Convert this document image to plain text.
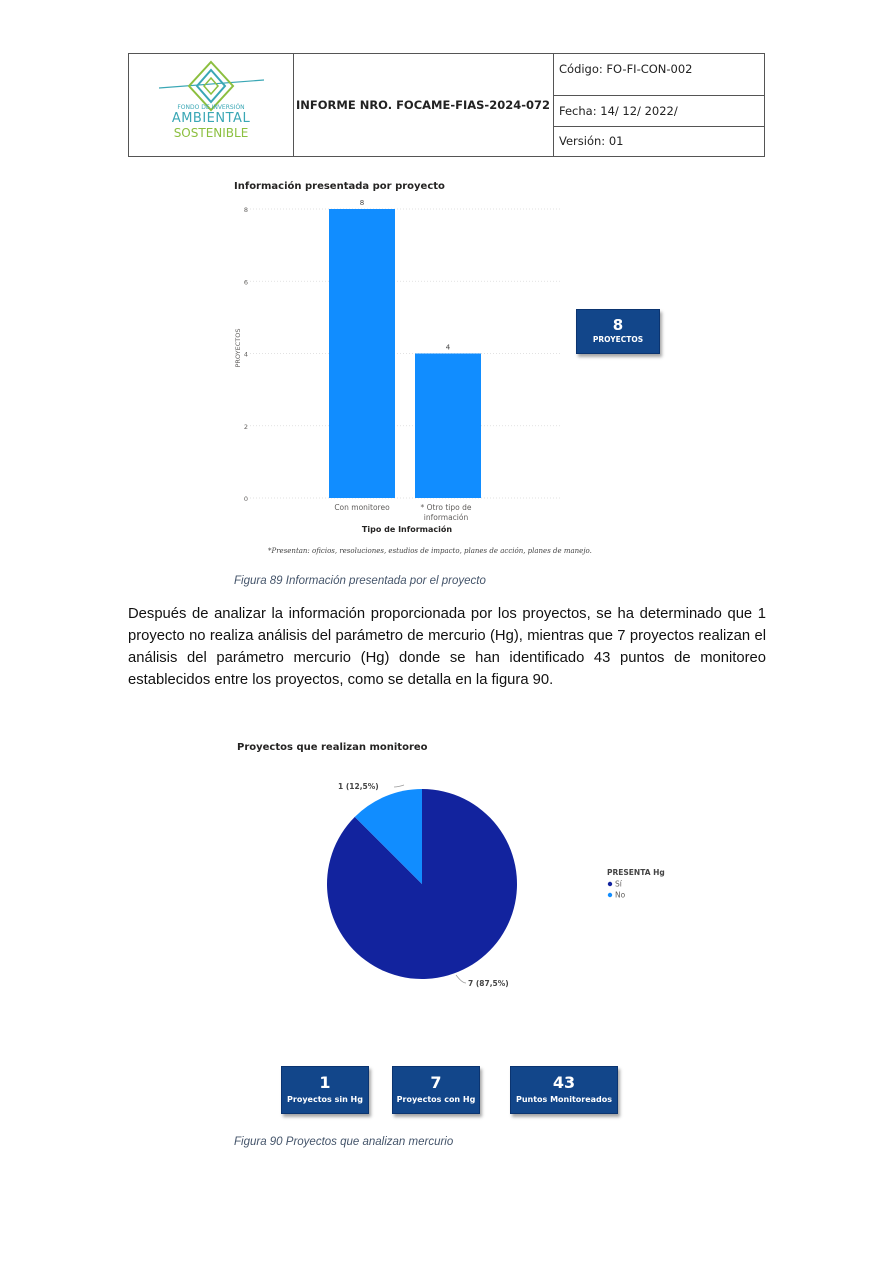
FONDO DE INVERSIÓN
AMBIENTAL
SOSTENIBLE
INFORME NRO. FOCAME-FIAS-2024-072
Código: FO-FI-CON-002
Fecha: 14/ 12/ 2022/
Versión: 01
Información presentada por proyecto
0
2
4
6
8
8
4
Con monitoreo	* Otro tipo de
información
Tipo de Información
PROYECTOS
*Presentan: oficios, resoluciones, estudios de impacto, planes de acción, planes de manejo.
8
PROYECTOS
Figura 89 Información presentada por el proyecto
Después de analizar la información proporcionada por los proyectos, se ha determinado que 1 proyecto no realiza análisis del parámetro de mercurio (Hg), mientras que 7 proyectos realizan el análisis del parámetro mercurio (Hg) donde se han identificado 43 puntos de monitoreo establecidos entre los proyectos, como se detalla en la figura 90.
Proyectos que realizan monitoreo
7 (87,5%)
1 (12,5%)
PRESENTA Hg
Sí
No
1
Proyectos sin Hg
7
Proyectos con Hg
43
Puntos Monitoreados
Figura 90 Proyectos que analizan mercurio
